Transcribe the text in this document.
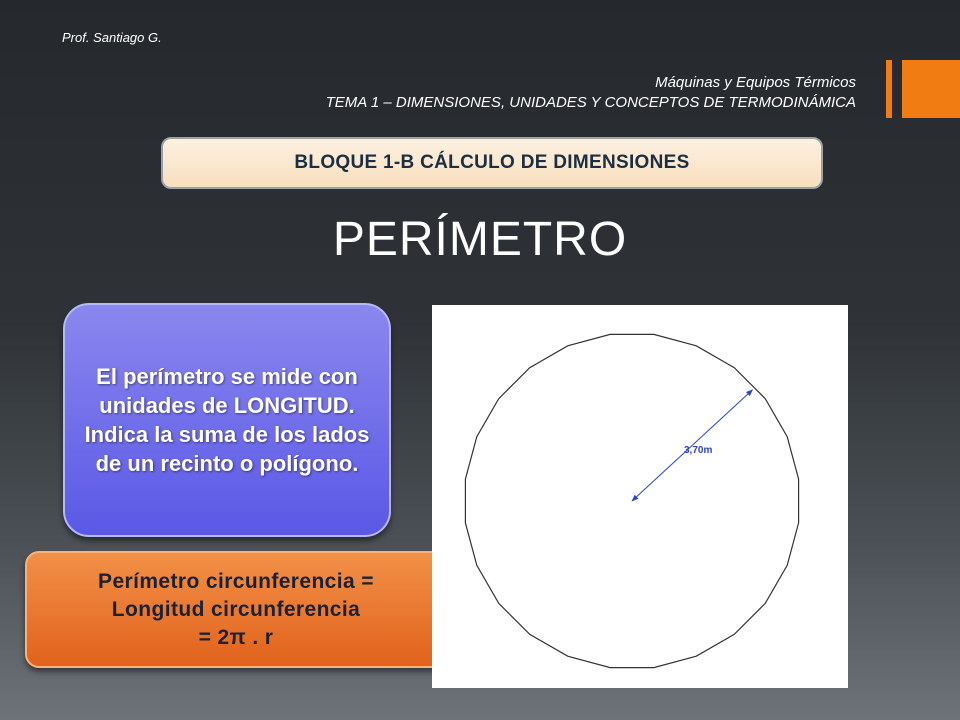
Prof. Santiago G.
Máquinas y Equipos Térmicos
TEMA 1 – DIMENSIONES, UNIDADES Y CONCEPTOS DE TERMODINÁMICA
BLOQUE 1-B CÁLCULO DE DIMENSIONES
PERÍMETRO
El perímetro se mide con unidades de LONGITUD. Indica la suma de los lados de un recinto o polígono.
Perímetro circunferencia =
Longitud circunferencia
= 2π . r
3,70m
